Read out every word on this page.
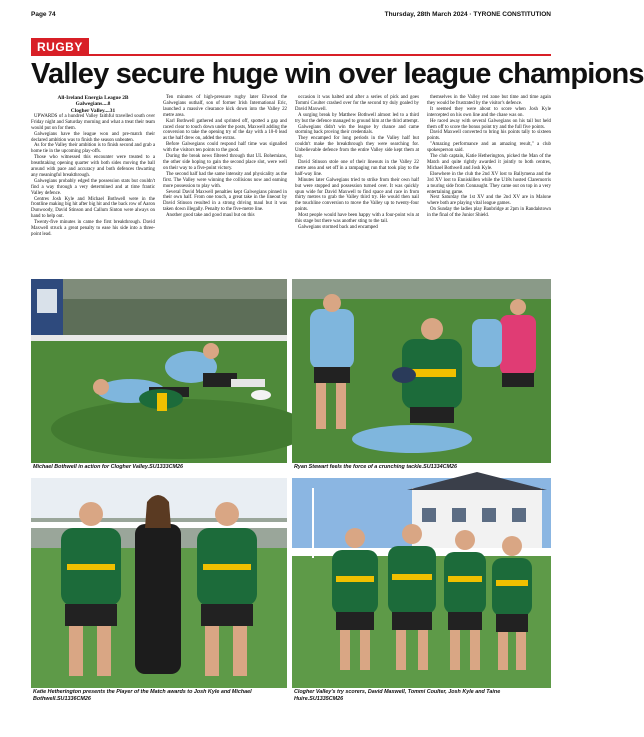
Page 74	Thursday, 28th March 2024 · TYRONE CONSTITUTION
RUGBY
Valley secure huge win over league champions

All-Ireland Energia League 2B

Galwegians....8

Clogher Valley....31

UPWARDS of a hundred Valley faithful travelled south over Friday night and Saturday morning and what a treat their team would put on for them.

Galwegians have the league won and pre-match their declared ambition was to finish the season unbeaten.

As for the Valley their ambition is to finish second and grab a home tie in the upcoming play-offs.

Those who witnessed this encounter were treated to a breathtaking opening quarter with both sides moving the ball around with pace and accuracy and both defences thwarting any meaningful breakthrough.

Galwegians probably edged the possession stats but couldn't find a way through a very determined and at time frantic Valley defence.

Centres Josh Kyle and Michael Bothwell were in the frontline making big hit after big hit and the back row of Aaron Dunwoody, David Stinson and Callum Sinton were always on hand to help out.

Twenty-five minutes in came the first breakthrough. David Maxwell struck a great penalty to ease his side into a three-point lead.

Ten minutes of high-pressure rugby later Elwood the Galwegians outhalf, son of former Irish International Eric, launched a massive clearance kick down into the Valley 22 metre area.

Karl Bothwell gathered and sprinted off, spotted a gap and raced clear to touch down under the posts, Maxwell adding the conversion to take the opening try of the day with a 10-0 lead as the half drew on, added the extras.

Before Galwegians could respond half time was signalled with the visitors ten points to the good.

During the break news filtered through that UL Bohemians, the other side hoping to gain the second place slot, were well on their way to a five-point victory.

The second half had the same intensity and physicality as the first. The Valley were winning the collisions now and earning more possession to play with.

Several David Maxwell penalties kept Galwegians pinned in their own half. From one touch, a great take in the lineout by David Stinson resulted in a strong driving maul but it was taken down illegally. Penalty to the five-metre line.

Another good take and good maul but on this

occasion it was halted and after a series of pick and goes Tommi Coulter crashed over for the second try duly goaled by David Maxwell.

A surging break by Matthew Bothwell almost led to a third try but the defence managed to ground him at the third attempt.

Galwegians didn't win the league by chance and came storming back proving their credentials.

They encamped for long periods in the Valley half but couldn't make the breakthrough they were searching for. Unbelievable defence from the entire Valley side kept them at bay.

David Stinson stole one of their lineouts in the Valley 22 metre area and set off in a rampaging run that took play to the half-way line.

Minutes later Galwegians tried to strike from their own half but were stopped and possession turned over. It was quickly spun wide for David Maxwell to find space and race in from thirty metres to grab the Valley third try. He would then nail the touchline conversion to move the Valley up to twenty-four points.

Most people would have been happy with a four-point win at this stage but there was another sting to the tail.

Galwegians stormed back and encamped

themselves in the Valley red zone but time and time again they would be frustrated by the visitor's defence.

It seemed they were about to score when Josh Kyle intercepted on his own line and the chase was on.

He raced away with several Galwegians on his tail but held them off to score the bonus point try and the full five points.

David Maxwell converted to bring his points tally to sixteen points.

"Amazing performance and an amazing result," a club spokesperson said.

The club captain, Katie Hetherington, picked the Man of the Match and quite rightly awarded it jointly to both centres, Michael Bothwell and Josh Kyle.

Elsewhere in the club the 2nd XV lost to Ballymena and the 3rd XV lost to Enniskillen while the U18s hosted Claremorris a touring side from Connaught. They came out on top in a very entertaining game.

Next Saturday the 1st XV and the 2nd XV are in Malone where both are playing vital league games.

On Sunday the ladies play Banbridge at 2pm in Randalstown in the final of the Junior Shield.

Michael Bothwell in action for Clogher Valley.SU1333CM26	Ryan Stewart feels the force of a crunching tackle.SU1334CM26
Katie Hetherington presents the Player of the Match awards to Josh Kyle and Michael Bothwell.SU1336CM26
Clogher Valley's try scorers, David Maxwell, Tommi Coulter, Josh Kyle and Taine Huire.SU1335CM26
